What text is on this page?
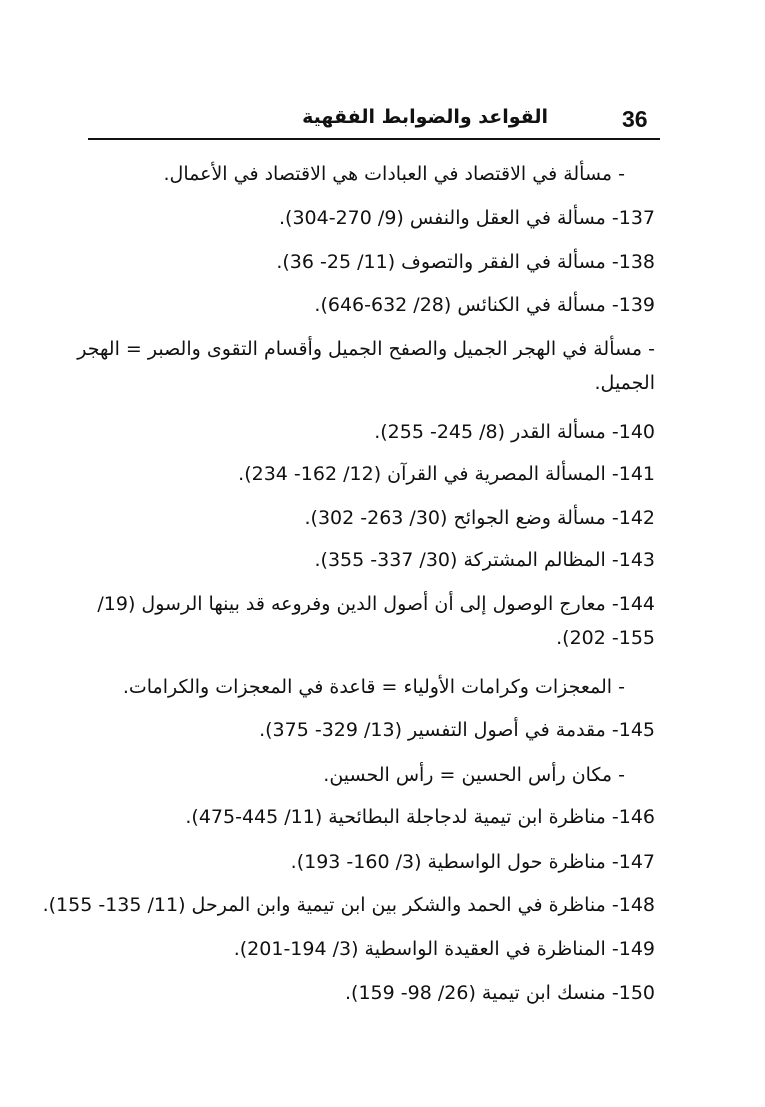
36
القواعد والضوابط الفقهية
- مسألة في الاقتصاد في العبادات هي الاقتصاد في الأعمال.
137- مسألة في العقل والنفس (9/ 270-304).
138- مسألة في الفقر والتصوف (11/ 25- 36).
139- مسألة في الكنائس (28/ 632-646).
- مسألة في الهجر الجميل والصفح الجميل وأقسام التقوى والصبر = الهجر الجميل.
140- مسألة القدر (8/ 245- 255).
141- المسألة المصرية في القرآن (12/ 162- 234).
142- مسألة وضع الجوائح (30/ 263- 302).
143- المظالم المشتركة (30/ 337- 355).
144- معارج الوصول إلى أن أصول الدين وفروعه قد بينها الرسول (19/ 155- 202).
- المعجزات وكرامات الأولياء = قاعدة في المعجزات والكرامات.
145- مقدمة في أصول التفسير (13/ 329- 375).
- مكان رأس الحسين = رأس الحسين.
146- مناظرة ابن تيمية لدجاجلة البطائحية (11/ 445-475).
147- مناظرة حول الواسطية (3/ 160- 193).
148- مناظرة في الحمد والشكر بين ابن تيمية وابن المرحل (11/ 135- 155).
149- المناظرة في العقيدة الواسطية (3/ 194-201).
150- منسك ابن تيمية (26/ 98- 159).
